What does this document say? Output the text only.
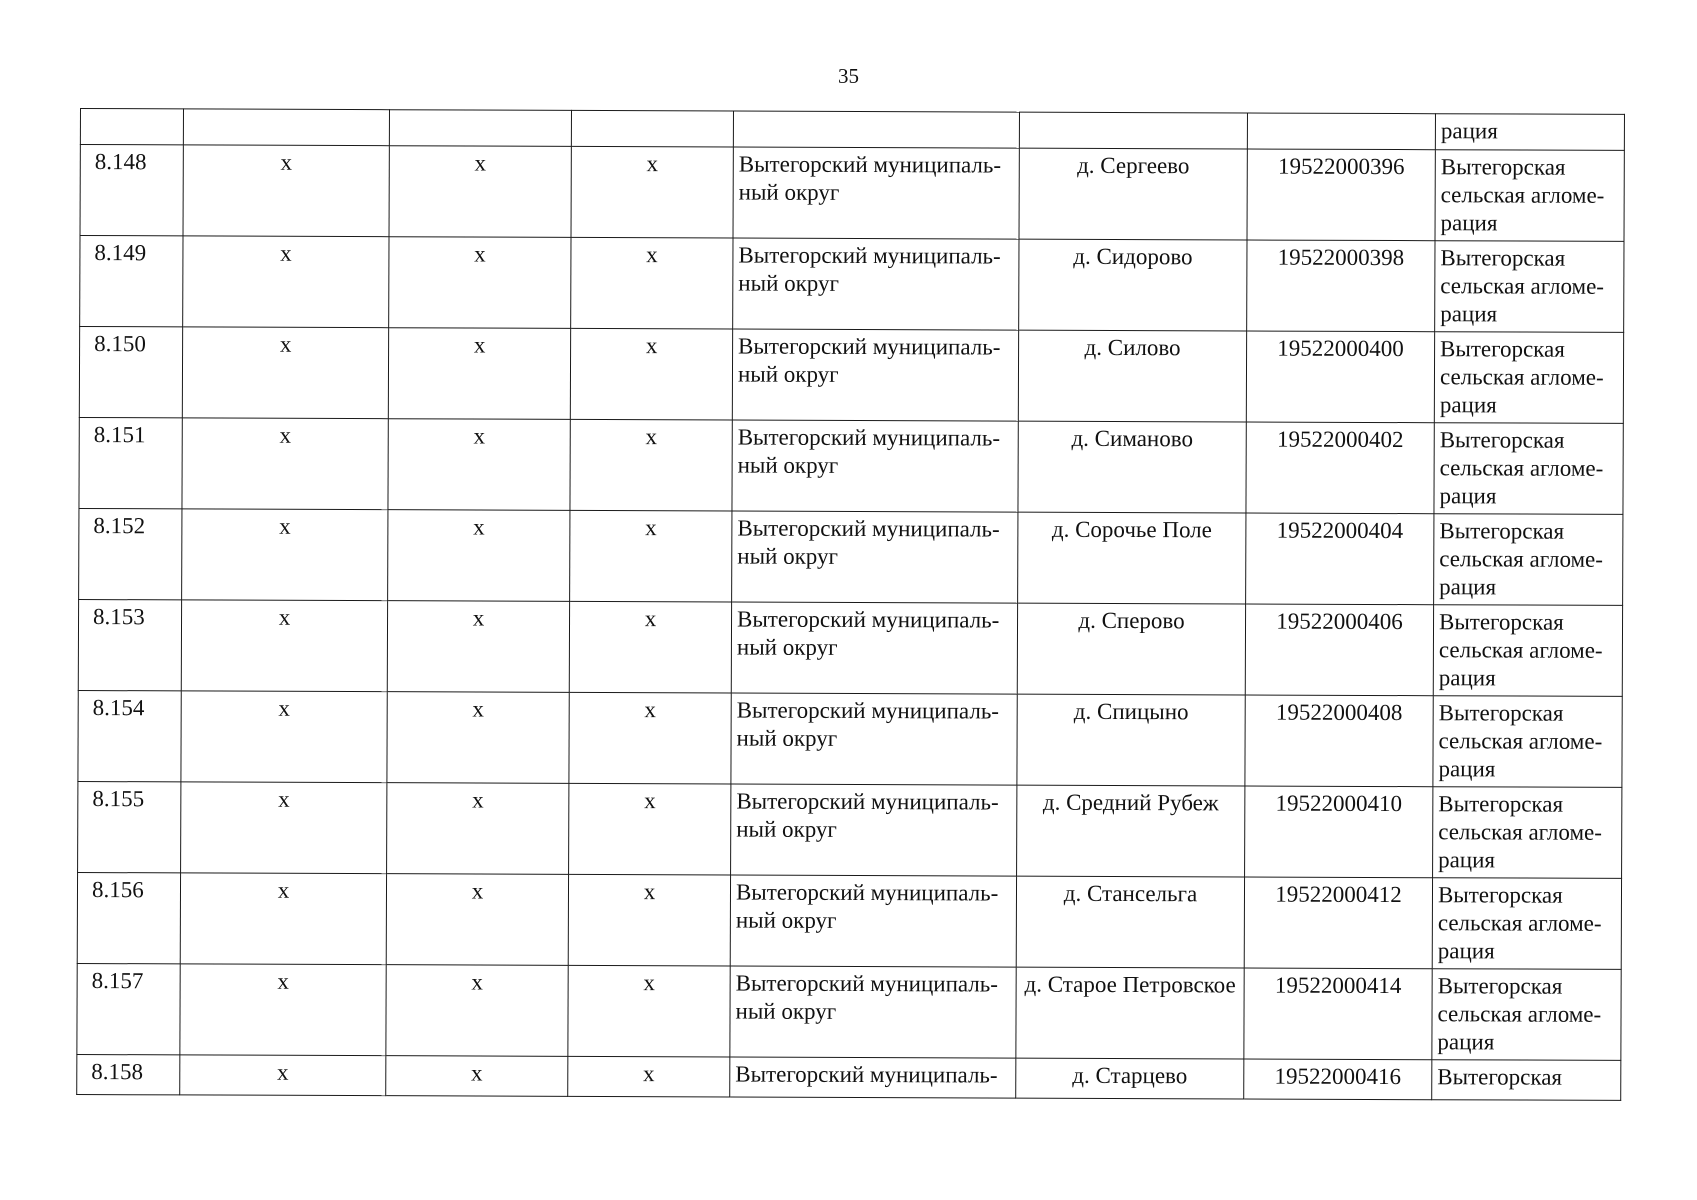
35
							рация
8.148	х	х	х	Вытегорский муниципаль-ный округ	д. Сергеево	19522000396	Вытегорская сельская агломе-рация
8.149	х	х	х	Вытегорский муниципаль-ный округ	д. Сидорово	19522000398	Вытегорская сельская агломе-рация
8.150	х	х	х	Вытегорский муниципаль-ный округ	д. Силово	19522000400	Вытегорская сельская агломе-рация
8.151	х	х	х	Вытегорский муниципаль-ный округ	д. Симаново	19522000402	Вытегорская сельская агломе-рация
8.152	х	х	х	Вытегорский муниципаль-ный округ	д. Сорочье Поле	19522000404	Вытегорская сельская агломе-рация
8.153	х	х	х	Вытегорский муниципаль-ный округ	д. Сперово	19522000406	Вытегорская сельская агломе-рация
8.154	х	х	х	Вытегорский муниципаль-ный округ	д. Спицыно	19522000408	Вытегорская сельская агломе-рация
8.155	х	х	х	Вытегорский муниципаль-ный округ	д. Средний Рубеж	19522000410	Вытегорская сельская агломе-рация
8.156	х	х	х	Вытегорский муниципаль-ный округ	д. Стансельга	19522000412	Вытегорская сельская агломе-рация
8.157	х	х	х	Вытегорский муниципаль-ный округ	д. Старое Петровское	19522000414	Вытегорская сельская агломе-рация
8.158	х	х	х	Вытегорский муниципаль-	д. Старцево	19522000416	Вытегорская
